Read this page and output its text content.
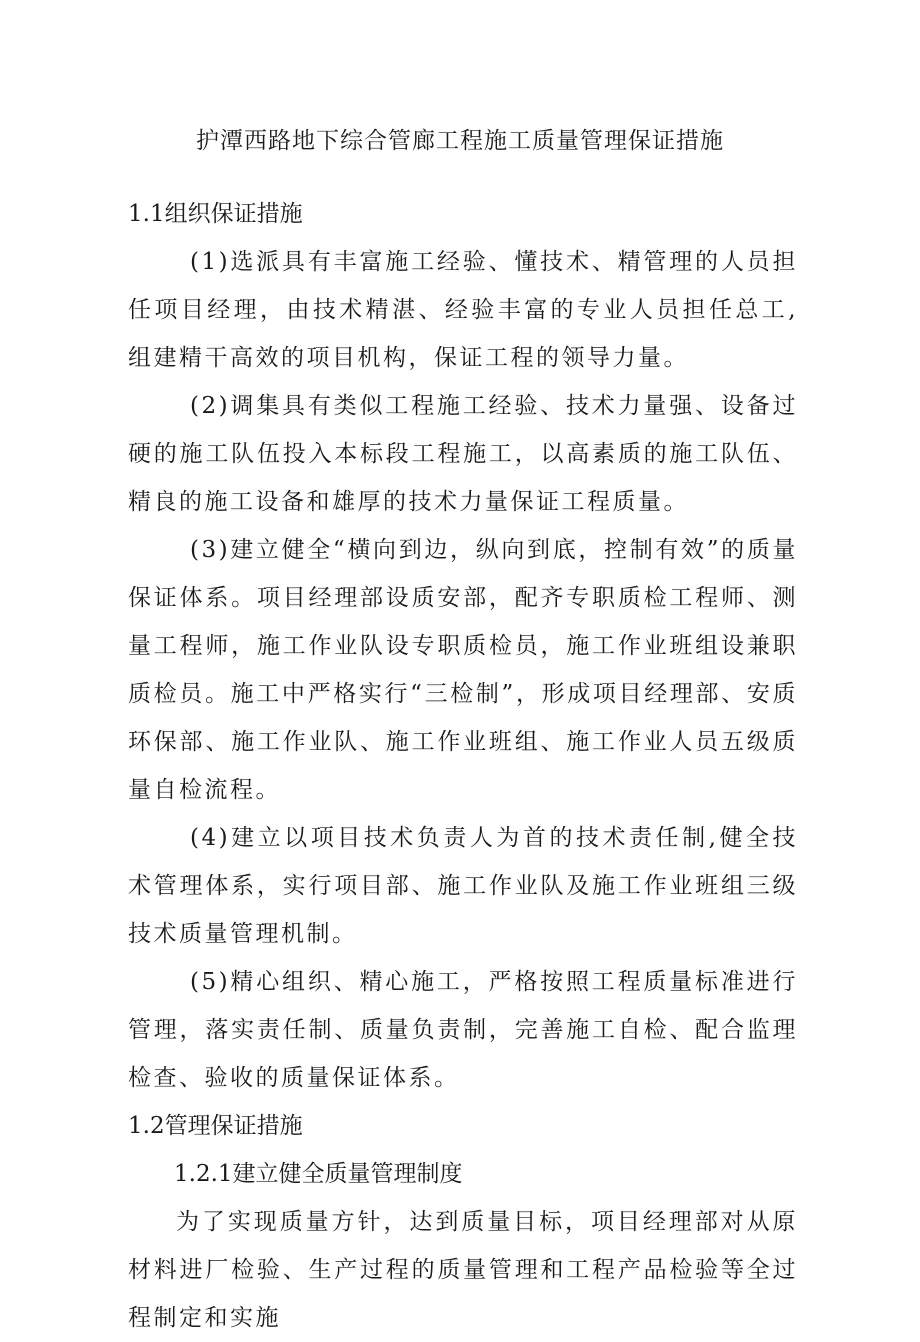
护潭西路地下综合管廊工程施工质量管理保证措施
1.1组织保证措施

(1)选派具有丰富施工经验、懂技术、精管理的人员担任项目经理，由技术精湛、经验丰富的专业人员担任总工,组建精干高效的项目机构，保证工程的领导力量。

(2)调集具有类似工程施工经验、技术力量强、设备过硬的施工队伍投入本标段工程施工，以高素质的施工队伍、精良的施工设备和雄厚的技术力量保证工程质量。

(3)建立健全“横向到边，纵向到底，控制有效”的质量保证体系。项目经理部设质安部，配齐专职质检工程师、测量工程师，施工作业队设专职质检员，施工作业班组设兼职质检员。施工中严格实行“三检制”，形成项目经理部、安质环保部、施工作业队、施工作业班组、施工作业人员五级质量自检流程。

(4)建立以项目技术负责人为首的技术责任制,健全技术管理体系，实行项目部、施工作业队及施工作业班组三级技术质量管理机制。

(5)精心组织、精心施工，严格按照工程质量标准进行管理，落实责任制、质量负责制，完善施工自检、配合监理检查、验收的质量保证体系。

1.2管理保证措施
1.2.1建立健全质量管理制度

为了实现质量方针，达到质量目标，项目经理部对从原材料进厂检验、生产过程的质量管理和工程产品检验等全过程制定和实施
